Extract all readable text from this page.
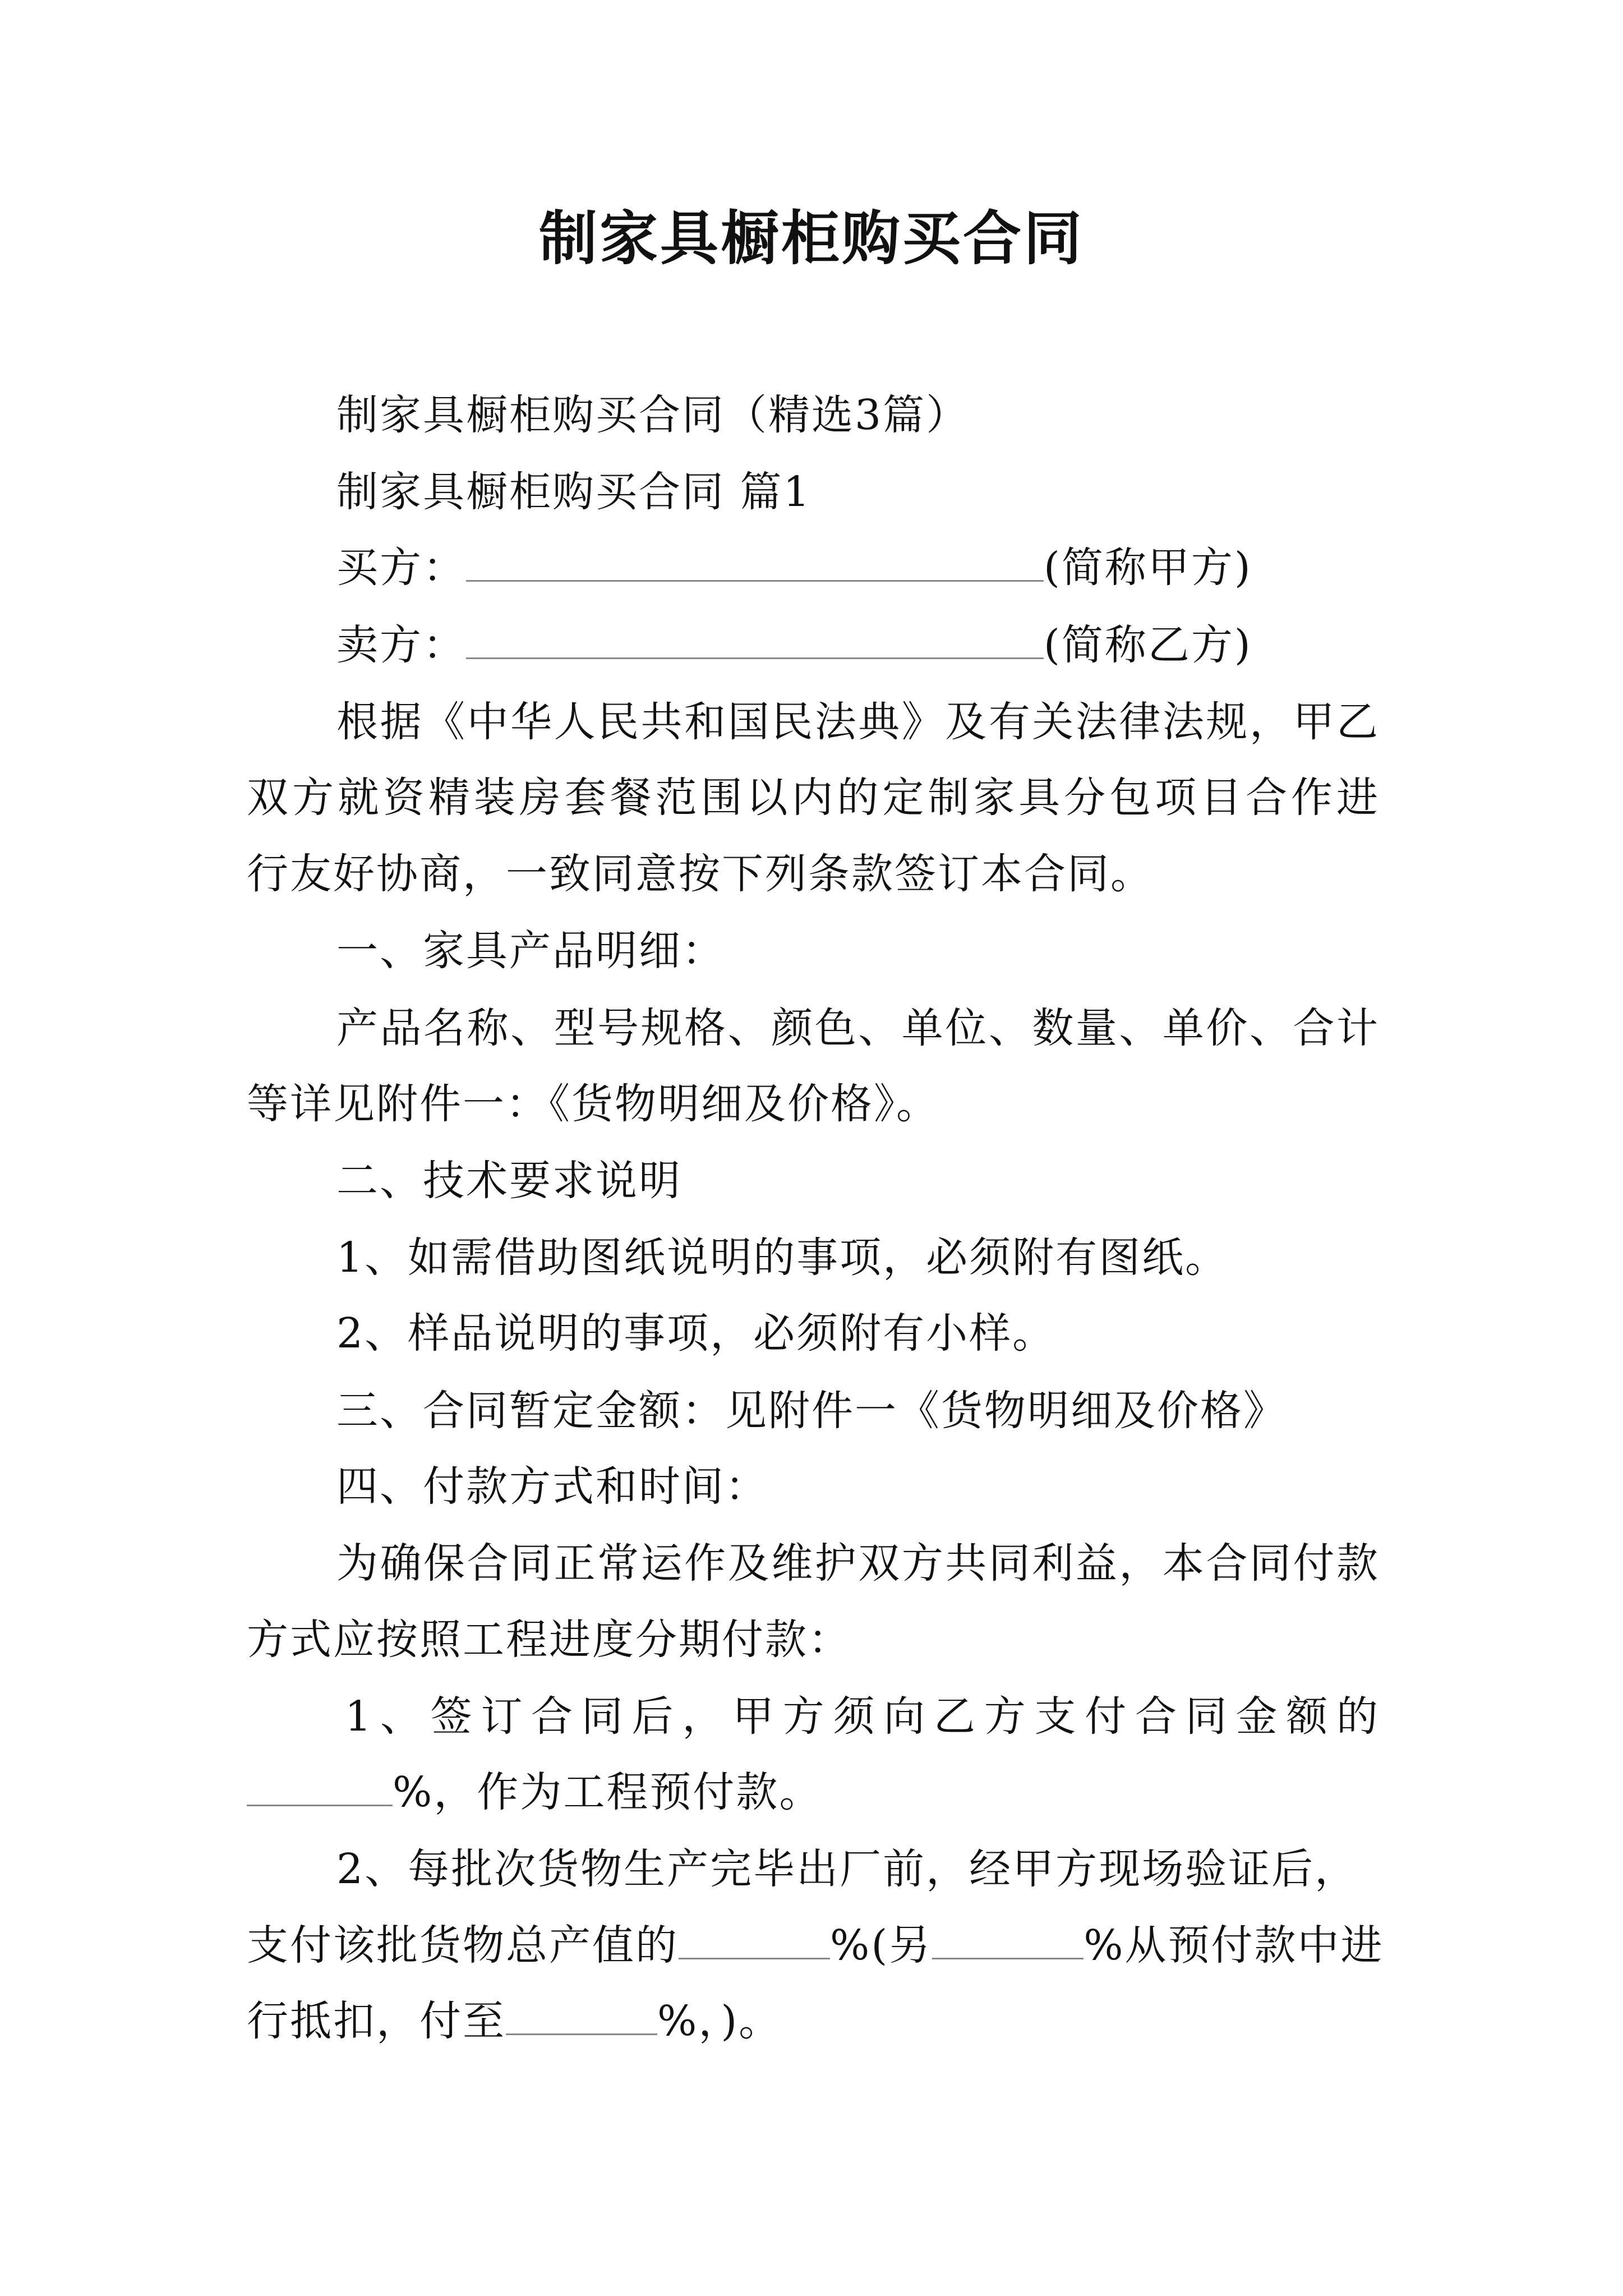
制家具橱柜购买合同
制家具橱柜购买合同（精选3篇）
制家具橱柜购买合同 篇1
买方：	(简称甲方)
卖方：	(简称乙方)
根据《中华人民共和国民法典》及有关法律法规，甲乙
双方就资精装房套餐范围以内的定制家具分包项目合作进
行友好协商，一致同意按下列条款签订本合同。
一、家具产品明细：
产品名称、型号规格、颜色、单位、数量、单价、合计
等详见附件一：《货物明细及价格》。
二、技术要求说明
1、如需借助图纸说明的事项，必须附有图纸。
2、样品说明的事项，必须附有小样。
三、合同暂定金额：见附件一《货物明细及价格》
四、付款方式和时间：
为确保合同正常运作及维护双方共同利益，本合同付款
方式应按照工程进度分期付款：
1、签订合同后，甲方须向乙方支付合同金额的
%，作为工程预付款。
2、每批次货物生产完毕出厂前，经甲方现场验证后，
支付该批货物总产值的	%(另	%从预付款中进
行抵扣，付至	%，)。
